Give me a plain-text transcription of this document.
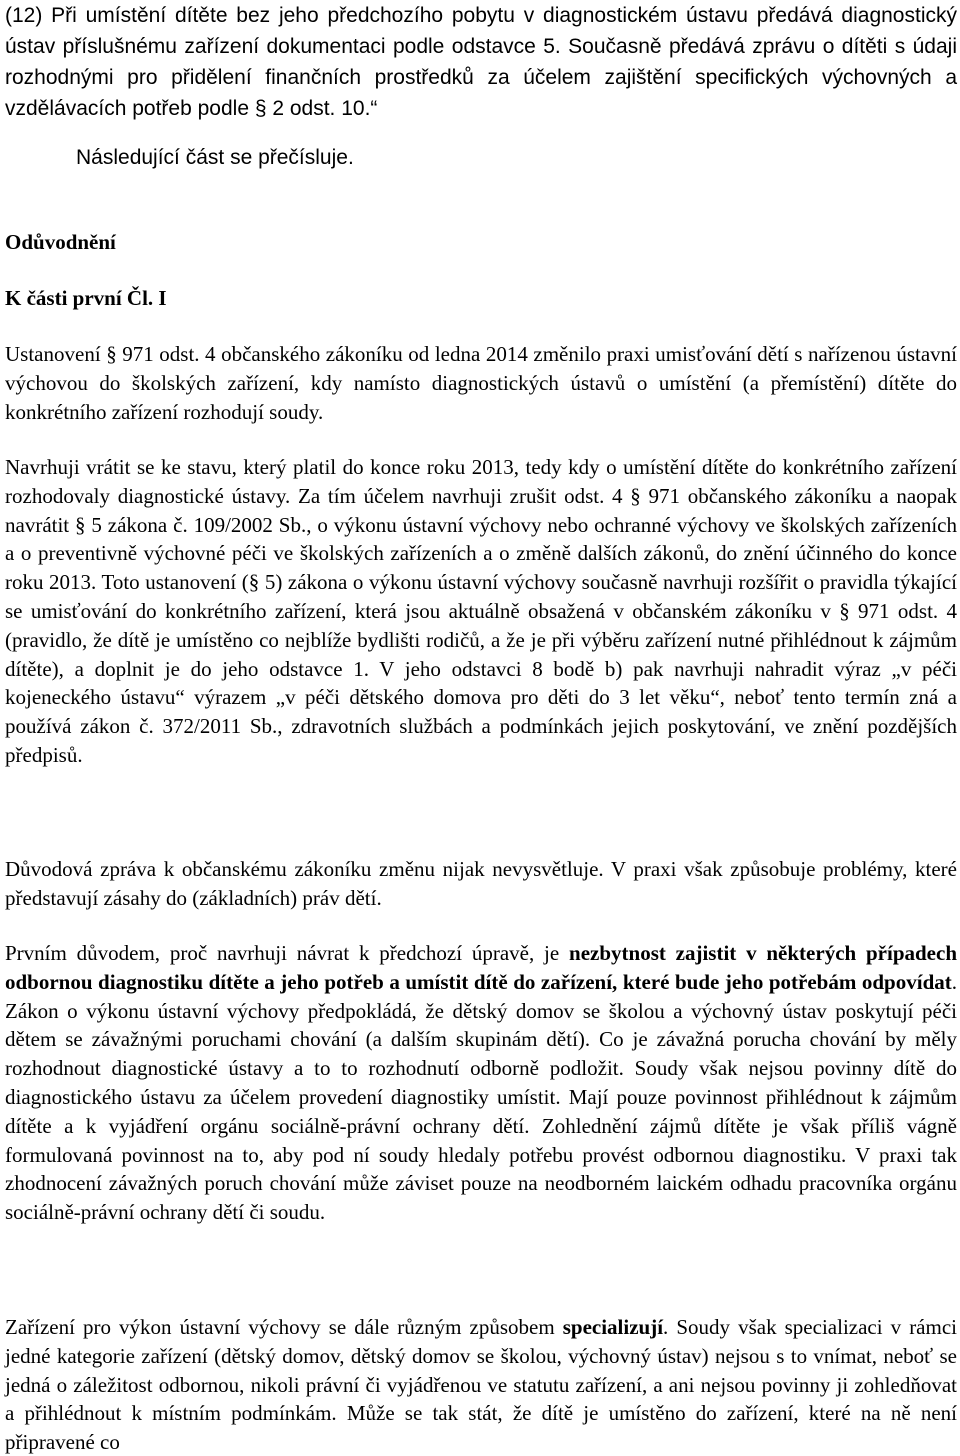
(12) Při umístění dítěte bez jeho předchozího pobytu v diagnostickém ústavu předává diagnostický ústav příslušnému zařízení dokumentaci podle odstavce 5. Současně předává zprávu o dítěti s údaji rozhodnými pro přidělení finančních prostředků za účelem zajištění specifických výchovných a vzdělávacích potřeb podle § 2 odst. 10.“

Následující část se přečísluje.

Odůvodnění

K části první Čl. I

Ustanovení § 971 odst. 4 občanského zákoníku od ledna 2014 změnilo praxi umisťování dětí s nařízenou ústavní výchovou do školských zařízení, kdy namísto diagnostických ústavů o umístění (a přemístění) dítěte do konkrétního zařízení rozhodují soudy.

Navrhuji vrátit se ke stavu, který platil do konce roku 2013, tedy kdy o umístění dítěte do konkrétního zařízení rozhodovaly diagnostické ústavy. Za tím účelem navrhuji zrušit odst. 4 § 971 občanského zákoníku a naopak navrátit § 5 zákona č. 109/2002 Sb., o výkonu ústavní výchovy nebo ochranné výchovy ve školských zařízeních a o preventivně výchovné péči ve školských zařízeních a o změně dalších zákonů, do znění účinného do konce roku 2013. Toto ustanovení (§ 5) zákona o výkonu ústavní výchovy současně navrhuji rozšířit o pravidla týkající se umisťování do konkrétního zařízení, která jsou aktuálně obsažená v občanském zákoníku v § 971 odst. 4 (pravidlo, že dítě je umístěno co nejblíže bydlišti rodičů, a že je při výběru zařízení nutné přihlédnout k zájmům dítěte), a doplnit je do jeho odstavce 1. V jeho odstavci 8 bodě b) pak navrhuji nahradit výraz „v péči kojeneckého ústavu“ výrazem „v péči dětského domova pro děti do 3 let věku“, neboť tento termín zná a používá zákon č. 372/2011 Sb., zdravotních službách a podmínkách jejich poskytování, ve znění pozdějších předpisů.

Důvodová zpráva k občanskému zákoníku změnu nijak nevysvětluje. V praxi však způsobuje problémy, které představují zásahy do (základních) práv dětí.

Prvním důvodem, proč navrhuji návrat k předchozí úpravě, je nezbytnost zajistit v některých případech odbornou diagnostiku dítěte a jeho potřeb a umístit dítě do zařízení, které bude jeho potřebám odpovídat. Zákon o výkonu ústavní výchovy předpokládá, že dětský domov se školou a výchovný ústav poskytují péči dětem se závažnými poruchami chování (a dalším skupinám dětí). Co je závažná porucha chování by měly rozhodnout diagnostické ústavy a to to rozhodnutí odborně podložit. Soudy však nejsou povinny dítě do diagnostického ústavu za účelem provedení diagnostiky umístit. Mají pouze povinnost přihlédnout k zájmům dítěte a k vyjádření orgánu sociálně-právní ochrany dětí. Zohlednění zájmů dítěte je však příliš vágně formulovaná povinnost na to, aby pod ní soudy hledaly potřebu provést odbornou diagnostiku. V praxi tak zhodnocení závažných poruch chování může záviset pouze na neodborném laickém odhadu pracovníka orgánu sociálně-právní ochrany dětí či soudu.

Zařízení pro výkon ústavní výchovy se dále různým způsobem specializují. Soudy však specializaci v rámci jedné kategorie zařízení (dětský domov, dětský domov se školou, výchovný ústav) nejsou s to vnímat, neboť se jedná o záležitost odbornou, nikoli právní či vyjádřenou ve statutu zařízení, a ani nejsou povinny ji zohledňovat a přihlédnout k místním podmínkám. Může se tak stát, že dítě je umístěno do zařízení, které na ně není připravené co
